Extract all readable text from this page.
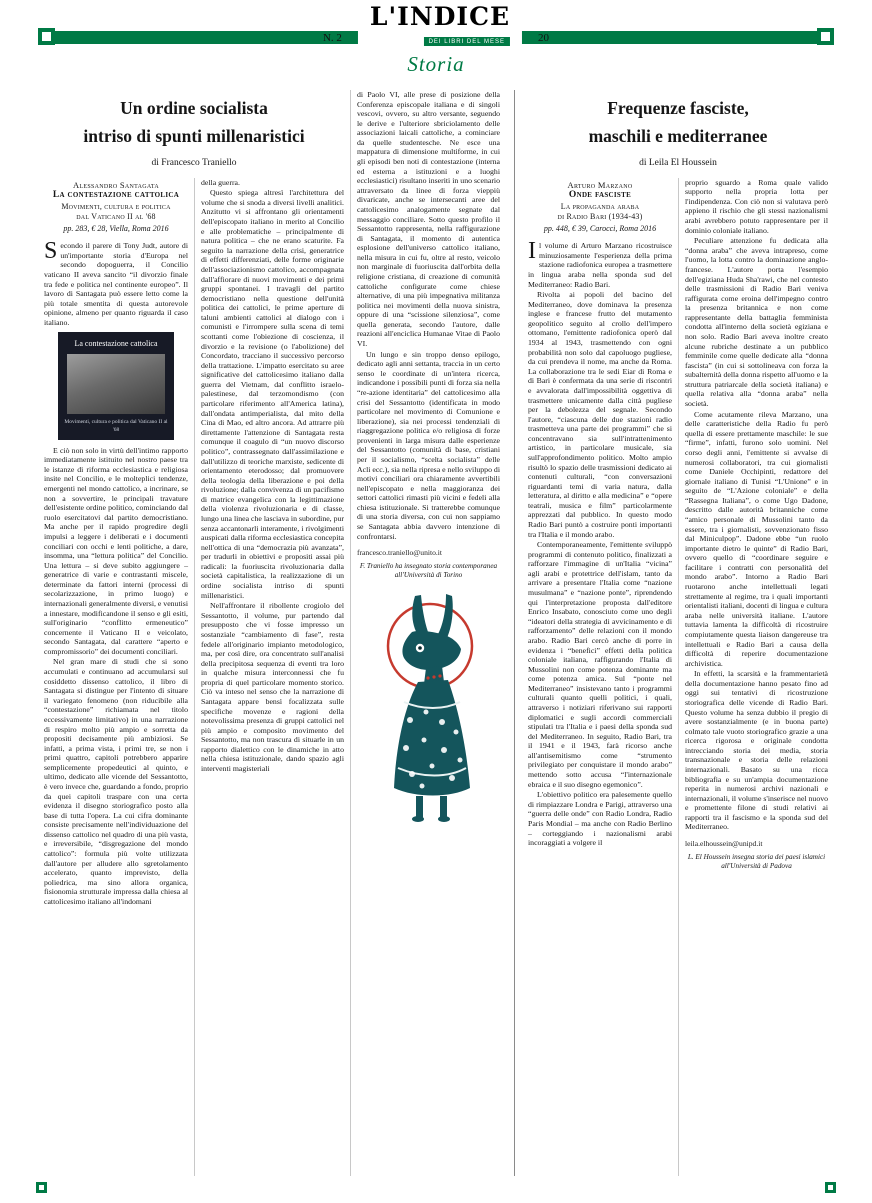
N. 2
L'INDICE
DEI LIBRI DEL MESE	20
Storia
Un ordine socialista
intriso di spunti millenaristici
di Francesco Traniello
Alessandro Santagata
La contestazione cattolica
Movimenti, cultura e politica
dal Vaticano II al '68
pp. 283, € 28, Viella, Roma 2016

Secondo il parere di Tony Judt, autore di un'importante storia d'Europa nel secondo dopoguerra, il Concilio vaticano II aveva sancito “il divorzio finale tra fede e politica nel continente europeo”. Il lavoro di Santagata può essere letto come la più totale smentita di questa autorevole opinione, almeno per quanto riguarda il caso italiano.

La contestazione cattolica
Movimenti, cultura e politica dal Vaticano II al '68

E ciò non solo in virtù dell'intimo rapporto immediatamente istituito nel nostro paese tra le istanze di riforma ecclesiastica e religiosa insite nel Concilio, e le molteplici tendenze, emergenti nel mondo cattolico, a incrinare, se non a sovvertire, le principali travature dell'esistente ordine politico, cominciando dal ruolo esercitatovi dal partito democristiano. Ma anche per il rapido progredire degli impulsi a leggere i deliberati e i documenti conciliari con occhi e lenti politiche, a dare, insomma, una “lettura politica” del Concilio. Una lettura – si deve subito aggiungere – generatrice di varie e contrastanti miscele, determinate da fattori interni (processi di secolarizzazione, in primo luogo) e internazionali generalmente diversi, e venutisi a innestare, modificandone il senso e gli esiti, sull'originario “conflitto ermeneutico” concernente il Vaticano II e veicolato, secondo Santagata, dal carattere “aperto e compromissorio” dei documenti conciliari.

Nel gran mare di studi che si sono accumulati e continuano ad accumularsi sul cosiddetto dissenso cattolico, il libro di Santagata si distingue per l'intento di situare il variegato fenomeno (non riducibile alla “contestazione” richiamata nel titolo eccessivamente limitativo) in una narrazione di respiro molto più ampio e sorretta da propositi decisamente più ambiziosi. Se infatti, a prima vista, i primi tre, se non i primi quattro, capitoli potrebbero apparire semplicemente propedeutici al quinto, e ultimo, dedicato alle vicende del Sessantotto, è vero invece che, guardando a fondo, proprio da quei capitoli traspare con una certa evidenza il disegno storiografico posto alla base di tutta l'opera. La cui cifra dominante consiste precisamente nell'individuazione del dissenso cattolico nel quadro di una più vasta, e irreversibile, “disgregazione del mondo cattolico”: formula più volte utilizzata dall'autore per alludere allo sgretolamento accelerato, quanto imprevisto, della poliedrica, ma sino allora organica, fisionomia strutturale impressa dalla chiesa al cattolicesimo italiano all'indomani

della guerra.

Questo spiega altresì l'architettura del volume che si snoda a diversi livelli analitici. Anzitutto vi si affrontano gli orientamenti dell'episcopato italiano in merito al Concilio e alle problematiche – principalmente di natura politica – che ne erano scaturite. Fa seguito la narrazione della crisi, generatrice di effetti differenziati, delle forme originarie dell'associazionismo cattolico, accompagnata dall'affiorare di nuovi movimenti e dei primi gruppi spontanei. I travagli del partito democristiano nella questione dell'unità politica dei cattolici, le prime aperture di taluni ambienti cattolici al dialogo con i comunisti e l'irrompere sulla scena di temi scottanti come l'obiezione di coscienza, il divorzio e la revisione (o l'abolizione) del Concordato, tracciano il successivo percorso della trattazione. L'impatto esercitato su aree significative del cattolicesimo italiano dalla guerra del Vietnam, dal conflitto israelo-palestinese, dal terzomondismo (con particolare riferimento all'America latina), dall'ondata antimperialista, dal mito della Cina di Mao, ed altro ancora. Ad attrarre più direttamente l'attenzione di Santagata resta comunque il coagulo di “un nuovo discorso politico”, contrassegnato dall'assimilazione e dall'utilizzo di teoriche marxiste, sedicente di orientamento eterodosso; dal promuovere della teologia della liberazione e poi della rivoluzione; dalla convivenza di un pacifismo di matrice evangelica con la legittimazione della violenza rivoluzionaria e di classe, lungo una linea che lasciava in subordine, pur senza accantonarli interamente, i rivolgimenti auspicati dalla riforma ecclesiastica concepita nell'ottica di una “democrazia più avanzata”, per tradurli in obiettivi e propositi assai più radicali: la fuoriuscita rivoluzionaria dalla società capitalistica, la realizzazione di un ordine socialista intriso di spunti millenaristici.

Nell'affrontare il ribollente crogiolo del Sessantotto, il volume, pur partendo dal presupposto che vi fosse impresso un sostanziale “cambiamento di fase”, resta fedele all'originario impianto metodologico, ma, per così dire, ora concentrato sull'analisi della precipitosa sequenza di eventi tra loro in qualche misura interconnessi che fu propria di quel particolare momento storico. Ciò va inteso nel senso che la narrazione di Santagata appare bensì focalizzata sulle specifiche movenze e ragioni della notevolissima presenza di gruppi cattolici nel più ampio e composito movimento del Sessantotto, ma non trascura di situarle in un rapporto dialettico con le dinamiche in atto nella chiesa istituzionale, dando spazio agli interventi magisteriali

di Paolo VI, alle prese di posizione della Conferenza episcopale italiana e di singoli vescovi, ovvero, su altro versante, seguendo le derive e l'ulteriore sbriciolamento delle associazioni laicali cattoliche, a cominciare da quelle studentesche. Ne esce una mappatura di dimensione multiforme, in cui gli episodi ben noti di contestazione (interna ed esterna a istituzioni e a luoghi ecclesiastici) risultano inseriti in uno scenario attraversato da linee di forza vieppiù divaricate, anche se intersecanti aree del cattolicesimo analogamente segnate dal messaggio conciliare. Sotto questo profilo il Sessantotto rappresenta, nella raffigurazione di Santagata, il momento di autentica esplosione dell'universo cattolico italiano, nella misura in cui fu, oltre al resto, veicolo non marginale di fuoriuscita dall'orbita della religione cristiana, di creazione di comunità cattoliche configurate come chiese alternative, di una più impegnativa militanza politica nei movimenti della nuova sinistra, oppure di una “scissione silenziosa”, come quella generata, secondo l'autore, dalle reazioni all'enciclica Humanae Vitae di Paolo VI.

Un lungo e sin troppo denso epilogo, dedicato agli anni settanta, traccia in un certo senso le coordinate di un'intera ricerca, indicandone i possibili punti di forza sia nella “re-azione identitaria” del cattolicesimo alla crisi del Sessantotto (identificata in modo particolare nel movimento di Comunione e liberazione), sia nei processi tendenziali di riaggregazione politica e/o religiosa di forze provenienti in larga misura dalle esperienze del Sessantotto (comunità di base, cristiani per il socialismo, “scelta socialista” delle Acli ecc.), sia nella ripresa e nello sviluppo di motivi conciliari ora chiaramente avvertibili nell'episcopato e nella maggioranza dei settori cattolici rimasti più vicini e fedeli alla chiesa istituzionale. Si tratterebbe comunque di una storia diversa, con cui non sappiamo se Santagata abbia davvero intenzione di confrontarsi.

francesco.traniello@unito.it
F. Traniello ha insegnato storia contemporanea all'Università di Torino
Frequenze fasciste,
maschili e mediterranee
di Leila El Houssein
Arturo Marzano
Onde fasciste
La propaganda araba
di Radio Bari (1934-43)
pp. 448, € 39, Carocci, Roma 2016

Il volume di Arturo Marzano ricostruisce minuziosamente l'esperienza della prima stazione radiofonica europea a trasmettere in lingua araba nella sponda sud del Mediterraneo: Radio Bari.

Rivolta ai popoli del bacino del Mediterraneo, dove dominava la presenza inglese e francese frutto del mutamento geopolitico seguito al crollo dell'impero ottomano, l'emittente radiofonica operò dal 1934 al 1943, trasmettendo con ogni probabilità non solo dal capoluogo pugliese, da cui prendeva il nome, ma anche da Roma. La collaborazione tra le sedi Eiar di Roma e di Bari è confermata da una serie di riscontri e avvalorata dall'impossibilità oggettiva di trasmettere unicamente dalla città pugliese per la debolezza del segnale. Secondo l'autore, “ciascuna delle due stazioni radio trasmetteva una parte dei programmi” che si concentravano sia sull'intrattenimento artistico, in particolare musicale, sia sull'approfondimento politico. Molto ampio risultò lo spazio delle trasmissioni dedicato ai contenuti culturali, “con conversazioni riguardanti temi di varia natura, dalla letteratura, al diritto e alla medicina” e “opere teatrali, musica e film” particolarmente apprezzati dal pubblico. In questo modo Radio Bari puntò a costruire ponti importanti tra l'Italia e il mondo arabo.

Contemporaneamente, l'emittente sviluppò programmi di contenuto politico, finalizzati a rafforzare l'immagine di un'Italia “vicina” agli arabi e protettrice dell'islam, tanto da arrivare a presentare l'Italia come “nazione musulmana” e “nazione ponte”, riprendendo qui l'interpretazione proposta dall'editore Enrico Insabato, conosciuto come uno degli “ideatori della strategia di avvicinamento e di rafforzamento” delle relazioni con il mondo arabo. Radio Bari cercò anche di porre in evidenza i “benefici” effetti della politica coloniale italiana, raffigurando l'Italia di Mussolini non come potenza dominante ma come potenza amica. Sul “ponte nel Mediterraneo” insistevano tanto i programmi culturali quanto quelli politici, i quali, attraverso i notiziari riferivano sui rapporti diplomatici e sugli accordi commerciali stipulati tra l'Italia e i paesi della sponda sud del Mediterraneo. In seguito, Radio Bari, tra il 1941 e il 1943, farà ricorso anche all'antisemitismo come “strumento privilegiato per conquistare il mondo arabo” mettendo sotto accusa “l'internazionale ebraica e il suo disegno egemonico”.

L'obiettivo politico era palesemente quello di rimpiazzare Londra e Parigi, attraverso una “guerra delle onde” con Radio Londra, Radio Paris Mondial – ma anche con Radio Berlino – corteggiando i nazionalismi arabi incoraggiati a volgere il

proprio sguardo a Roma quale valido supporto nella propria lotta per l'indipendenza. Con ciò non si valutava però appieno il rischio che gli stessi nazionalismi arabi avrebbero potuto rappresentare per il dominio coloniale italiano.

Peculiare attenzione fu dedicata alla “donna araba” che aveva intrapreso, come l'uomo, la lotta contro la dominazione anglo-francese. L'autore porta l'esempio dell'egiziana Huda Sha'rawi, che nel contesto delle trasmissioni di Radio Bari veniva raffigurata come eroina dell'impegno contro la presenza britannica e non come rappresentante della battaglia femminista condotta all'interno della società egiziana e non solo. Radio Bari aveva inoltre creato alcune rubriche destinate a un pubblico femminile come quelle dedicate alla “donna fascista” (in cui si sottolineava con forza la subalternità della donna rispetto all'uomo e la struttura patriarcale della società italiana) e quella relativa alla “donna araba” nella società.

Come acutamente rileva Marzano, una delle caratteristiche della Radio fu però quella di essere prettamente maschile: le sue “firme”, infatti, furono solo uomini. Nel corso degli anni, l'emittente si avvalse di numerosi collaboratori, tra cui giornalisti come Daniele Occhipinti, redattore del giornale italiano di Tunisi “L'Unione” e in seguito de “L'Azione coloniale” e della “Rassegna Italiana”, o come Ugo Dadone, descritto dalle autorità britanniche come “amico personale di Mussolini tanto da essere, tra i giornalisti, sovvenzionato fisso dal Miniculpop”. Dadone ebbe “un ruolo importante dietro le quinte” di Radio Bari, ovvero quello di “coordinare seguire e facilitare i contratti con personalità del mondo arabo”. Intorno a Radio Bari ruotarono anche intellettuali legati strettamente al regime, tra i quali importanti orientalisti italiani, docenti di lingua e cultura araba nelle università italiane. L'autore tuttavia lamenta la difficoltà di ricostruire compiutamente questa liaison dangereuse tra intellettuali e Radio Bari a causa della difficoltà di reperire documentazione archivistica.

In effetti, la scarsità e la frammentarietà della documentazione hanno pesato fino ad oggi sui tentativi di ricostruzione storiografica delle vicende di Radio Bari. Questo volume ha senza dubbio il pregio di avere sostanzialmente (e in buona parte) colmato tale vuoto storiografico grazie a una ricerca rigorosa e originale condotta intrecciando storia dei media, storia transnazionale e storia delle relazioni internazionali. Basato su una ricca bibliografia e su un'ampia documentazione reperita in numerosi archivi nazionali e internazionali, il volume s'inserisce nel nuovo e promettente filone di studi relativi ai rapporti tra il fascismo e la sponda sud del Mediterraneo.

leila.elhoussein@unipd.it
L. El Houssein insegna storia dei paesi islamici all'Università di Padova
